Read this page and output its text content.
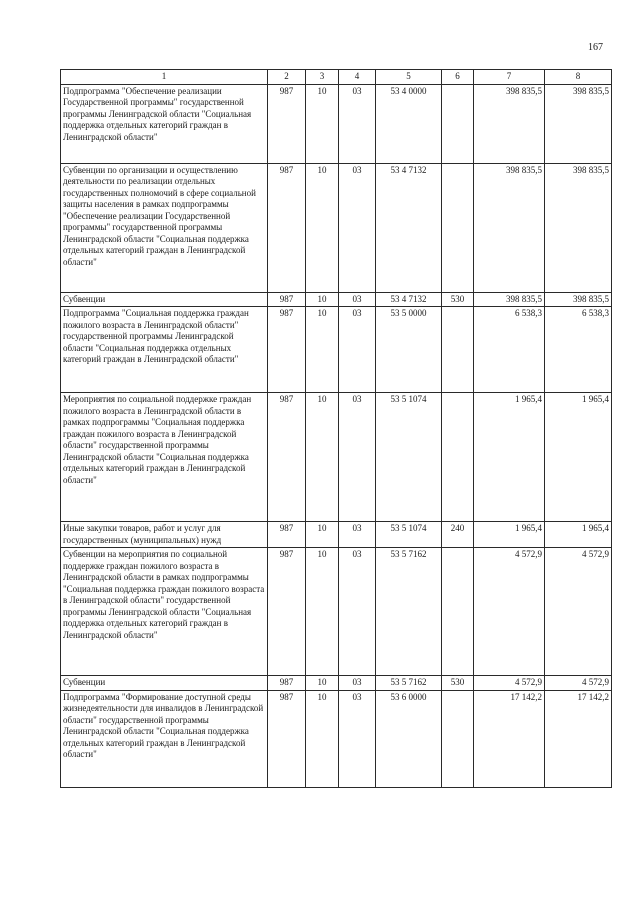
167
1	2	3	4	5	6	7	8
Подпрограмма "Обеспечение реализации Государственной программы" государственной программы Ленинградской области "Социальная поддержка отдельных категорий граждан в Ленинградской области"	987	10	03	53 4 0000		398 835,5	398 835,5
Субвенции по организации и осуществлению деятельности по реализации отдельных государственных полномочий в сфере социальной защиты населения в рамках подпрограммы "Обеспечение реализации Государственной программы" государственной программы Ленинградской области "Социальная поддержка отдельных категорий граждан в Ленинградской области"	987	10	03	53 4 7132		398 835,5	398 835,5
Субвенции	987	10	03	53 4 7132	530	398 835,5	398 835,5
Подпрограмма "Социальная поддержка граждан пожилого возраста в Ленинградской области" государственной программы Ленинградской области "Социальная поддержка отдельных категорий граждан в Ленинградской области"	987	10	03	53 5 0000		6 538,3	6 538,3
Мероприятия по социальной поддержке граждан пожилого возраста в Ленинградской области в рамках подпрограммы "Социальная поддержка граждан пожилого возраста в Ленинградской области" государственной программы Ленинградской области "Социальная поддержка отдельных категорий граждан в Ленинградской области"	987	10	03	53 5 1074		1 965,4	1 965,4
Иные закупки товаров, работ и услуг для государственных (муниципальных) нужд	987	10	03	53 5 1074	240	1 965,4	1 965,4
Субвенции на мероприятия по социальной поддержке граждан пожилого возраста в Ленинградской области в рамках подпрограммы "Социальная поддержка граждан пожилого возраста в Ленинградской области" государственной программы Ленинградской области "Социальная поддержка отдельных категорий граждан в Ленинградской области"	987	10	03	53 5 7162		4 572,9	4 572,9
Субвенции	987	10	03	53 5 7162	530	4 572,9	4 572,9
Подпрограмма "Формирование доступной среды жизнедеятельности для инвалидов в Ленинградской области" государственной программы Ленинградской области "Социальная поддержка отдельных категорий граждан в Ленинградской области"	987	10	03	53 6 0000		17 142,2	17 142,2
